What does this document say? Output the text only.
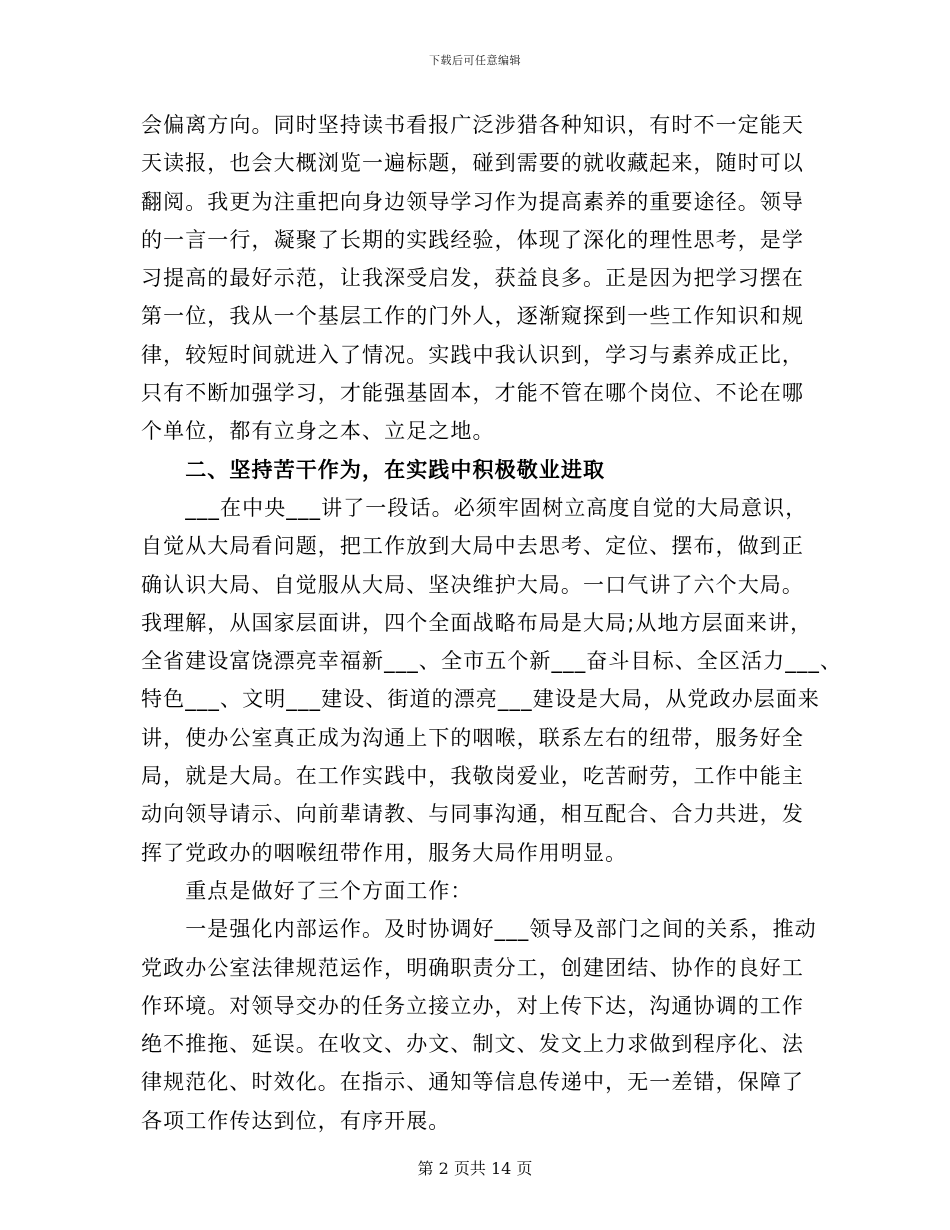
下载后可任意编辑
会偏离方向。同时坚持读书看报广泛涉猎各种知识，有时不一定能天
天读报，也会大概浏览一遍标题，碰到需要的就收藏起来，随时可以
翻阅。我更为注重把向身边领导学习作为提高素养的重要途径。领导
的一言一行，凝聚了长期的实践经验，体现了深化的理性思考，是学
习提高的最好示范，让我深受启发，获益良多。正是因为把学习摆在
第一位，我从一个基层工作的门外人，逐渐窥探到一些工作知识和规
律，较短时间就进入了情况。实践中我认识到，学习与素养成正比，
只有不断加强学习，才能强基固本，才能不管在哪个岗位、不论在哪
个单位，都有立身之本、立足之地。
　　二、坚持苦干作为，在实践中积极敬业进取
　　___在中央___讲了一段话。必须牢固树立高度自觉的大局意识，
自觉从大局看问题，把工作放到大局中去思考、定位、摆布，做到正
确认识大局、自觉服从大局、坚决维护大局。一口气讲了六个大局。
我理解，从国家层面讲，四个全面战略布局是大局;从地方层面来讲，
全省建设富饶漂亮幸福新___、全市五个新___奋斗目标、全区活力___、
特色___、文明___建设、街道的漂亮___建设是大局，从党政办层面来
讲，使办公室真正成为沟通上下的咽喉，联系左右的纽带，服务好全
局，就是大局。在工作实践中，我敬岗爱业，吃苦耐劳，工作中能主
动向领导请示、向前辈请教、与同事沟通，相互配合、合力共进，发
挥了党政办的咽喉纽带作用，服务大局作用明显。
　　重点是做好了三个方面工作：
　　一是强化内部运作。及时协调好___领导及部门之间的关系，推动
党政办公室法律规范运作，明确职责分工，创建团结、协作的良好工
作环境。对领导交办的任务立接立办，对上传下达，沟通协调的工作
绝不推拖、延误。在收文、办文、制文、发文上力求做到程序化、法
律规范化、时效化。在指示、通知等信息传递中，无一差错，保障了
各项工作传达到位，有序开展。
第 2 页共 14 页
